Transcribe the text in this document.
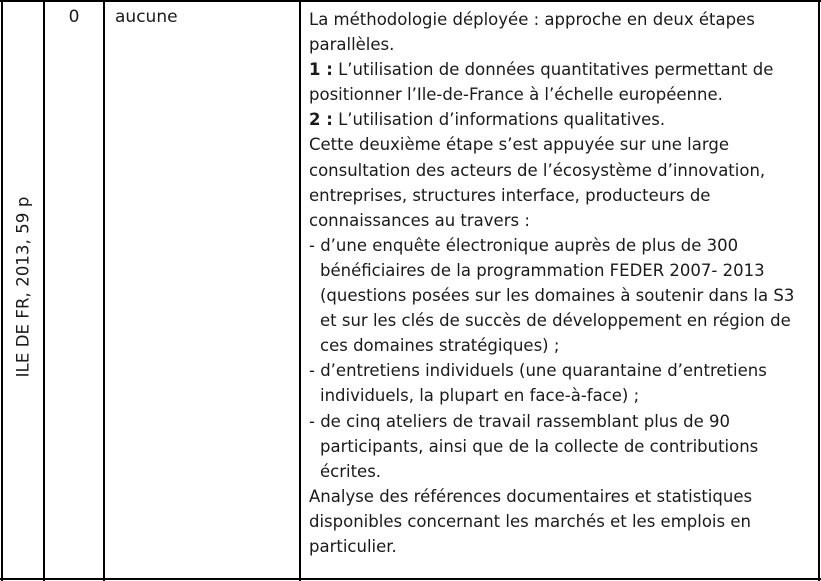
ILE DE FR, 2013, 59 p
0	aucune	La méthodologie déployée : approche en deux étapes parallèles.

1 : L’utilisation de données quantitatives permettant de positionner l’Ile-de-France à l’échelle européenne.

2 : L’utilisation d’informations qualitatives.

Cette deuxième étape s’est appuyée sur une large consultation des acteurs de l’écosystème d’innovation, entreprises, structures interface, producteurs de connaissances au travers :

- d’une enquête électronique auprès de plus de 300 bénéficiaires de la programmation FEDER 2007- 2013 (questions posées sur les domaines à soutenir dans la S3 et sur les clés de succès de développement en région de ces domaines stratégiques) ;

- d’entretiens individuels (une quarantaine d’entretiens individuels, la plupart en face-à-face) ;

- de cinq ateliers de travail rassemblant plus de 90 participants, ainsi que de la collecte de contributions écrites.

Analyse des références documentaires et statistiques disponibles concernant les marchés et les emplois en particulier.
